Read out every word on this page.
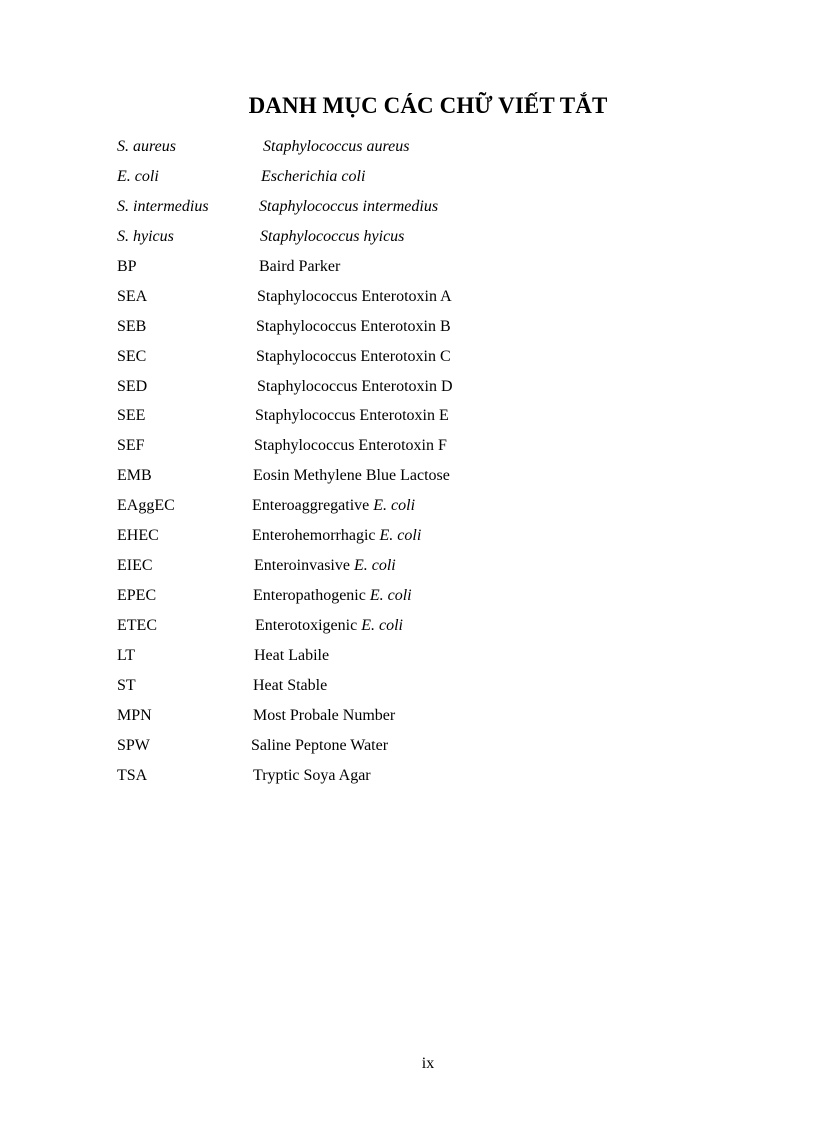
DANH MỤC CÁC CHỮ VIẾT TẮT
S. aureus	Staphylococcus aureus
E. coli	Escherichia coli
S. intermedius	Staphylococcus intermedius
S. hyicus	Staphylococcus hyicus
BP	Baird Parker
SEA	Staphylococcus Enterotoxin A
SEB	Staphylococcus Enterotoxin B
SEC	Staphylococcus Enterotoxin C
SED	Staphylococcus Enterotoxin D
SEE	Staphylococcus Enterotoxin E
SEF	Staphylococcus Enterotoxin F
EMB	Eosin Methylene Blue Lactose
EAggEC	Enteroaggregative E. coli
EHEC	Enterohemorrhagic E. coli
EIEC	Enteroinvasive E. coli
EPEC	Enteropathogenic E. coli
ETEC	Enterotoxigenic E. coli
LT	Heat Labile
ST	Heat Stable
MPN	Most Probale Number
SPW	Saline Peptone Water
TSA	Tryptic Soya Agar
ix
